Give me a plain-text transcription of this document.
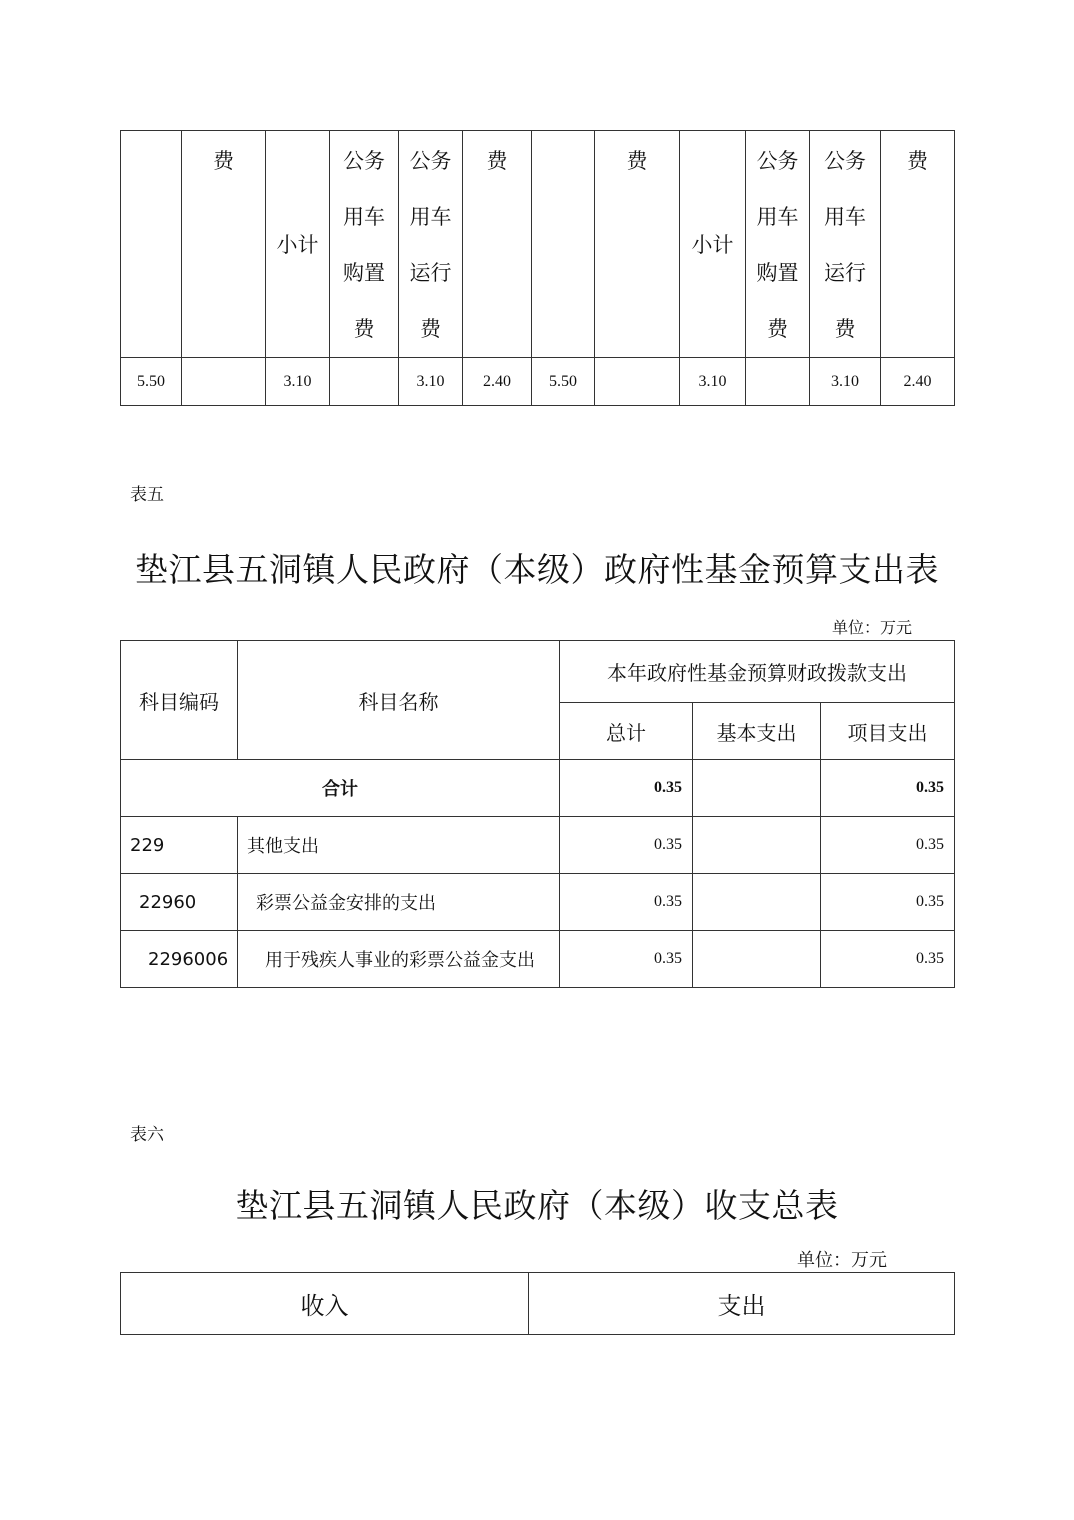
	费	小计	公务用车购置费	公务用车运行费	费		费	小计	公务用车购置费	公务用车运行费	费

5.50		3.10		3.10	2.40	5.50		3.10		3.10	2.40
表五
垫江县五洞镇人民政府（本级）政府性基金预算支出表
单位：万元
科目编码	科目名称	本年政府性基金预算财政拨款支出		
		总计	基本支出	项目支出
合计		0.35		0.35
229	其他支出	0.35		0.35
22960	彩票公益金安排的支出	0.35		0.35
2296006	用于残疾人事业的彩票公益金支出	0.35		0.35
表六
垫江县五洞镇人民政府（本级）收支总表
单位：万元
收入	支出
